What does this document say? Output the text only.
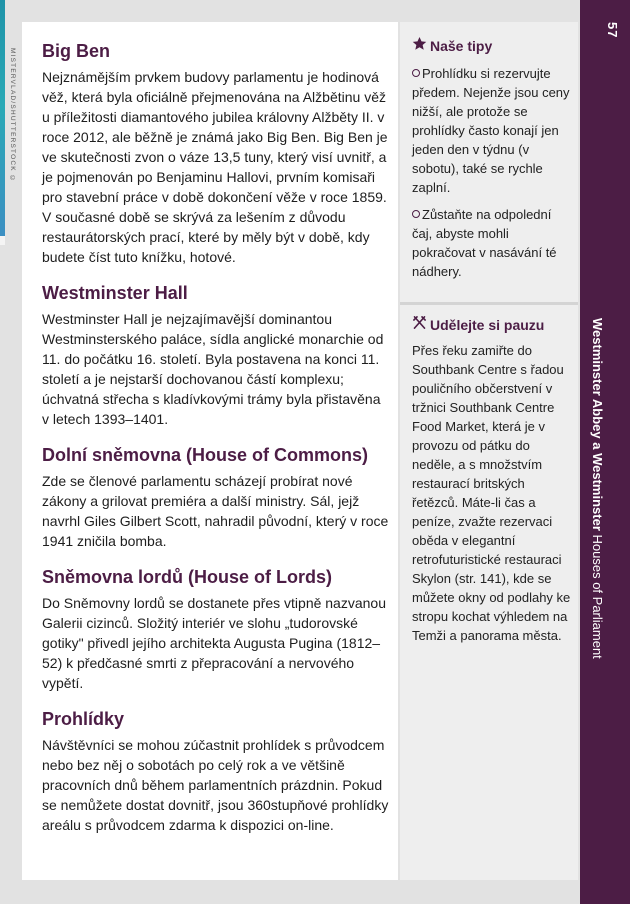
MISTERVLAD/SHUTTERSTOCK © Big Ben

Nejznámějším prvkem budovy parlamentu je hodinová věž, která byla oficiálně přejmenována na Alžbětinu věž u příležitosti diamantového jubilea královny Alžběty II. v roce 2012, ale běžně je známá jako Big Ben. Big Ben je ve skutečnosti zvon o váze 13,5 tuny, který visí uvnitř, a je pojmenován po Benjaminu Hallovi, prvním komisaři pro stavební práce v době dokončení věže v roce 1859. V současné době se skrývá za lešením z důvodu restaurátorských prací, které by měly být v době, kdy budete číst tuto knížku, hotové.

Westminster Hall

Westminster Hall je nejzajímavější dominantou Westminsterského paláce, sídla anglické monarchie od 11. do počátku 16. století. Byla postavena na konci 11. století a je nejstarší dochovanou částí komplexu; úchvatná střecha s kladívkovými trámy byla přistavěna v letech 1393–1401.

Dolní sněmovna (House of Commons)

Zde se členové parlamentu scházejí probírat nové zákony a grilovat premiéra a další ministry. Sál, jejž navrhl Giles Gilbert Scott, nahradil původní, který v roce 1941 zničila bomba.

Sněmovna lordů (House of Lords)

Do Sněmovny lordů se dostanete přes vtipně nazvanou Galerii cizinců. Složitý interiér ve slohu „tudorovské gotiky" přivedl jejího architekta Augusta Pugina (1812–52) k předčasné smrti z přepracování a nervového vypětí.

Prohlídky

Návštěvníci se mohou zúčastnit prohlídek s průvodcem nebo bez něj o sobotách po celý rok a ve většině pracovních dnů během parlamentních prázdnin. Pokud se nemůžete dostat dovnitř, jsou 360stupňové prohlídky areálu s průvodcem zdarma k dispozici on-line.

Naše tipy
Prohlídku si rezervujte předem. Nejenže jsou ceny nižší, ale protože se prohlídky často konají jen jeden den v týdnu (v sobotu), také se rychle zaplní.
Zůstaňte na odpolední čaj, abyste mohli pokračovat v nasávání té nádhery.
Udělejte si pauzu
Přes řeku zamiřte do Southbank Centre s řadou pouličního občerstvení v tržnici Southbank Centre Food Market, která je v provozu od pátku do neděle, a s množstvím restaurací britských řetězců. Máte-li čas a peníze, zvažte rezervaci oběda v elegantní retrofuturistické restauraci Skylon (str. 141), kde se můžete okny od podlahy ke stropu kochat výhledem na Temži a panorama města.
57
Westminster Abbey a Westminster Houses of Parliament
